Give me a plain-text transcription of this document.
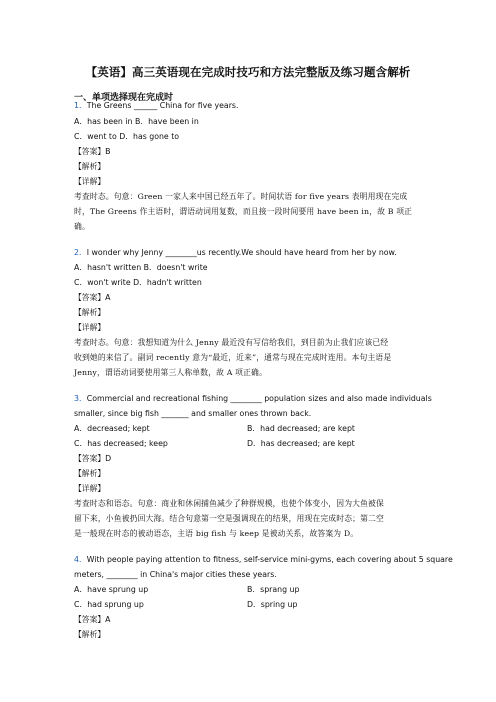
【英语】高三英语现在完成时技巧和方法完整版及练习题含解析
一、单项选择现在完成时
1．The Greens ______ China for five years.
A．has been in B．have been in
C．went to D．has gone to
【答案】B
【解析】
【详解】
考查时态。句意：Green 一家人来中国已经五年了。时间状语 for five years 表明用现在完成
时，The Greens 作主语时，谓语动词用复数，而且接一段时间要用 have been in，故 B 项正
确。
2．I wonder why Jenny ________us recently.We should have heard from her by now.
A．hasn't written B．doesn't write
C．won't write D．hadn't written
【答案】A
【解析】
【详解】
考查时态。句意：我想知道为什么 Jenny 最近没有写信给我们，到目前为止我们应该已经
收到她的来信了。副词 recently 意为“最近，近来”，通常与现在完成时连用。本句主语是
Jenny，谓语动词要使用第三人称单数，故 A 项正确。
3．Commercial and recreational fishing ________ population sizes and also made individuals
smaller, since big fish _______ and smaller ones thrown back.
A．decreased; kept	B．had decreased; are kept
C．has decreased; keep	D．has decreased; are kept
【答案】D
【解析】
【详解】
考查时态和语态。句意：商业和休闲捕鱼减少了种群规模，也使个体变小，因为大鱼被保
留下来，小鱼被扔回大海。结合句意第一空是强调现在的结果，用现在完成时态；第二空
是一般现在时态的被动语态，主语 big fish 与 keep 是被动关系，故答案为 D。
4．With people paying attention to fitness, self-service mini-gyms, each covering about 5 square
meters, ________ in China's major cities these years.
A．have sprung up	B．sprang up
C．had sprung up	D．spring up
【答案】A
【解析】
